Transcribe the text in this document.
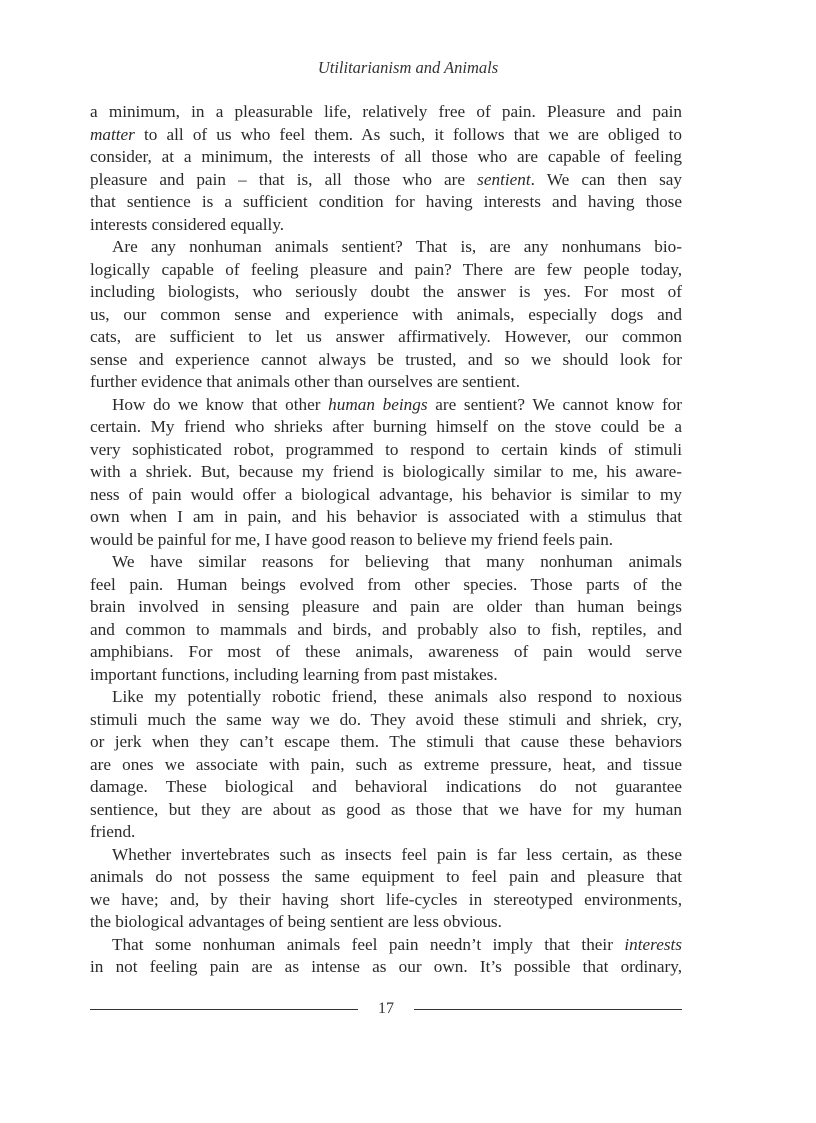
Utilitarianism and Animals
a minimum, in a pleasurable life, relatively free of pain. Pleasure and pain
matter to all of us who feel them. As such, it follows that we are obliged to
consider, at a minimum, the interests of all those who are capable of feeling
pleasure and pain – that is, all those who are sentient. We can then say
that sentience is a sufficient condition for having interests and having those
interests considered equally.
Are any nonhuman animals sentient? That is, are any nonhumans bio-
logically capable of feeling pleasure and pain? There are few people today,
including biologists, who seriously doubt the answer is yes. For most of
us, our common sense and experience with animals, especially dogs and
cats, are sufficient to let us answer affirmatively. However, our common
sense and experience cannot always be trusted, and so we should look for
further evidence that animals other than ourselves are sentient.
How do we know that other human beings are sentient? We cannot know for
certain. My friend who shrieks after burning himself on the stove could be a
very sophisticated robot, programmed to respond to certain kinds of stimuli
with a shriek. But, because my friend is biologically similar to me, his aware-
ness of pain would offer a biological advantage, his behavior is similar to my
own when I am in pain, and his behavior is associated with a stimulus that
would be painful for me, I have good reason to believe my friend feels pain.
We have similar reasons for believing that many nonhuman animals
feel pain. Human beings evolved from other species. Those parts of the
brain involved in sensing pleasure and pain are older than human beings
and common to mammals and birds, and probably also to fish, reptiles, and
amphibians. For most of these animals, awareness of pain would serve
important functions, including learning from past mistakes.
Like my potentially robotic friend, these animals also respond to noxious
stimuli much the same way we do. They avoid these stimuli and shriek, cry,
or jerk when they can’t escape them. The stimuli that cause these behaviors
are ones we associate with pain, such as extreme pressure, heat, and tissue
damage. These biological and behavioral indications do not guarantee
sentience, but they are about as good as those that we have for my human
friend.
Whether invertebrates such as insects feel pain is far less certain, as these
animals do not possess the same equipment to feel pain and pleasure that
we have; and, by their having short life-cycles in stereotyped environments,
the biological advantages of being sentient are less obvious.
That some nonhuman animals feel pain needn’t imply that their interests
in not feeling pain are as intense as our own. It’s possible that ordinary,
17
